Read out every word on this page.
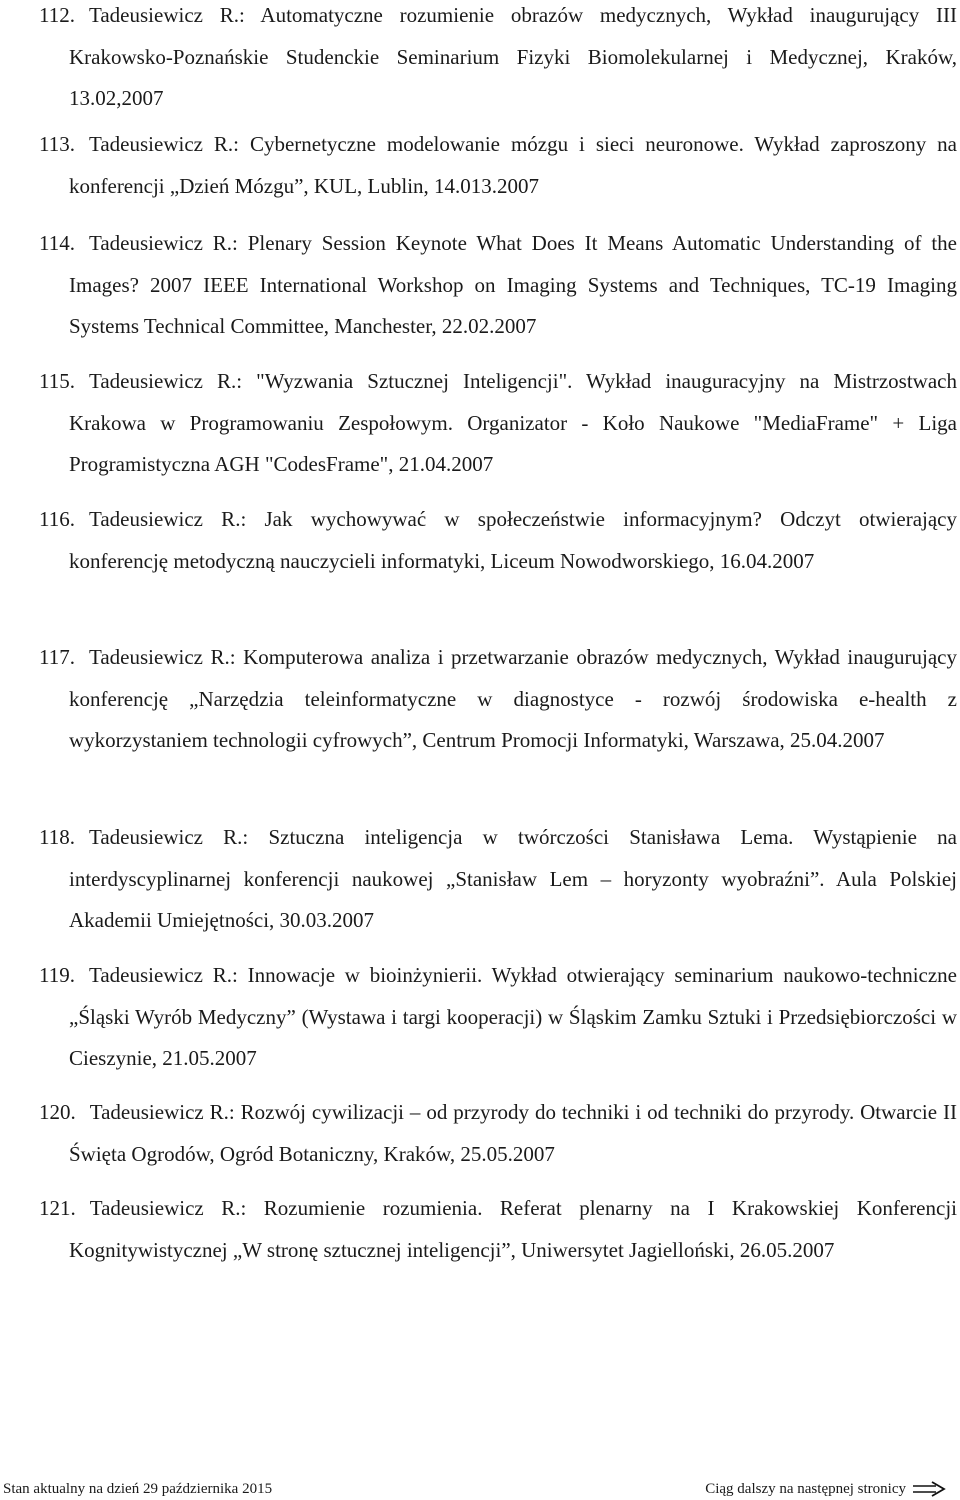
112. Tadeusiewicz R.: Automatyczne rozumienie obrazów medycznych, Wykład inaugurujący III Krakowsko-Poznańskie Studenckie Seminarium Fizyki Biomolekularnej i Medycznej, Kraków, 13.02,2007

113. Tadeusiewicz R.: Cybernetyczne modelowanie mózgu i sieci neuronowe. Wykład zaproszony na konferencji „Dzień Mózgu”, KUL, Lublin, 14.013.2007

114. Tadeusiewicz R.: Plenary Session Keynote What Does It Means Automatic Understanding of the Images? 2007 IEEE International Workshop on Imaging Systems and Techniques, TC-19 Imaging Systems Technical Committee, Manchester, 22.02.2007

115. Tadeusiewicz R.: "Wyzwania Sztucznej Inteligencji". Wykład inauguracyjny na Mistrzostwach Krakowa w Programowaniu Zespołowym. Organizator - Koło Naukowe "MediaFrame" + Liga Programistyczna AGH "CodesFrame", 21.04.2007

116. Tadeusiewicz R.: Jak wychowywać w społeczeństwie informacyjnym? Odczyt otwierający konferencję metodyczną nauczycieli informatyki, Liceum Nowodworskiego, 16.04.2007

117. Tadeusiewicz R.: Komputerowa analiza i przetwarzanie obrazów medycznych, Wykład inaugurujący konferencję „Narzędzia teleinformatyczne w diagnostyce - rozwój środowiska e-health z wykorzystaniem technologii cyfrowych”, Centrum Promocji Informatyki, Warszawa, 25.04.2007

118. Tadeusiewicz R.: Sztuczna inteligencja w twórczości Stanisława Lema. Wystąpienie na interdyscyplinarnej konferencji naukowej „Stanisław Lem – horyzonty wyobraźni”. Aula Polskiej Akademii Umiejętności, 30.03.2007

119. Tadeusiewicz R.: Innowacje w bioinżynierii. Wykład otwierający seminarium naukowo-techniczne „Śląski Wyrób Medyczny” (Wystawa i targi kooperacji) w Śląskim Zamku Sztuki i Przedsiębiorczości w Cieszynie, 21.05.2007

120. Tadeusiewicz R.: Rozwój cywilizacji – od przyrody do techniki i od techniki do przyrody. Otwarcie II Święta Ogrodów, Ogród Botaniczny, Kraków, 25.05.2007

121. Tadeusiewicz R.: Rozumienie rozumienia. Referat plenarny na I Krakowskiej Konferencji Kognitywistycznej „W stronę sztucznej inteligencji”, Uniwersytet Jagielloński, 26.05.2007

Stan aktualny na dzień 29 października 2015	Ciąg dalszy na następnej stronicy
